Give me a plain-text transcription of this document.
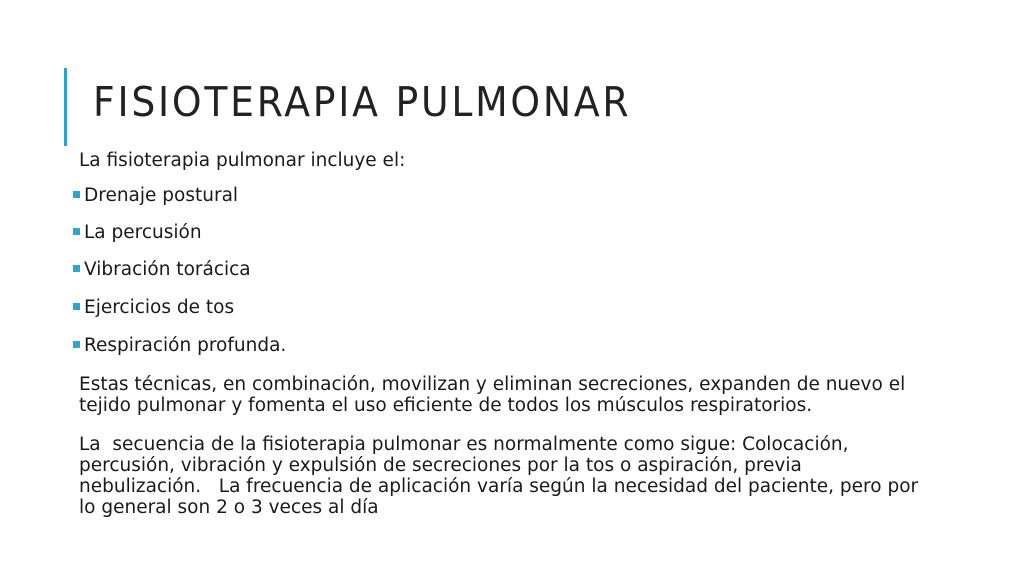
FISIOTERAPIA PULMONAR

La fisioterapia pulmonar incluye el:

Drenaje postural
La percusión
Vibración torácica
Ejercicios de tos
Respiración profunda.

Estas técnicas, en combinación, movilizan y eliminan secreciones, expanden de nuevo el tejido pulmonar y fomenta el uso eficiente de todos los músculos respiratorios.

La  secuencia de la fisioterapia pulmonar es normalmente como sigue: Colocación, percusión, vibración y expulsión de secreciones por la tos o aspiración, previa nebulización.   La frecuencia de aplicación varía según la necesidad del paciente, pero por lo general son 2 o 3 veces al día
